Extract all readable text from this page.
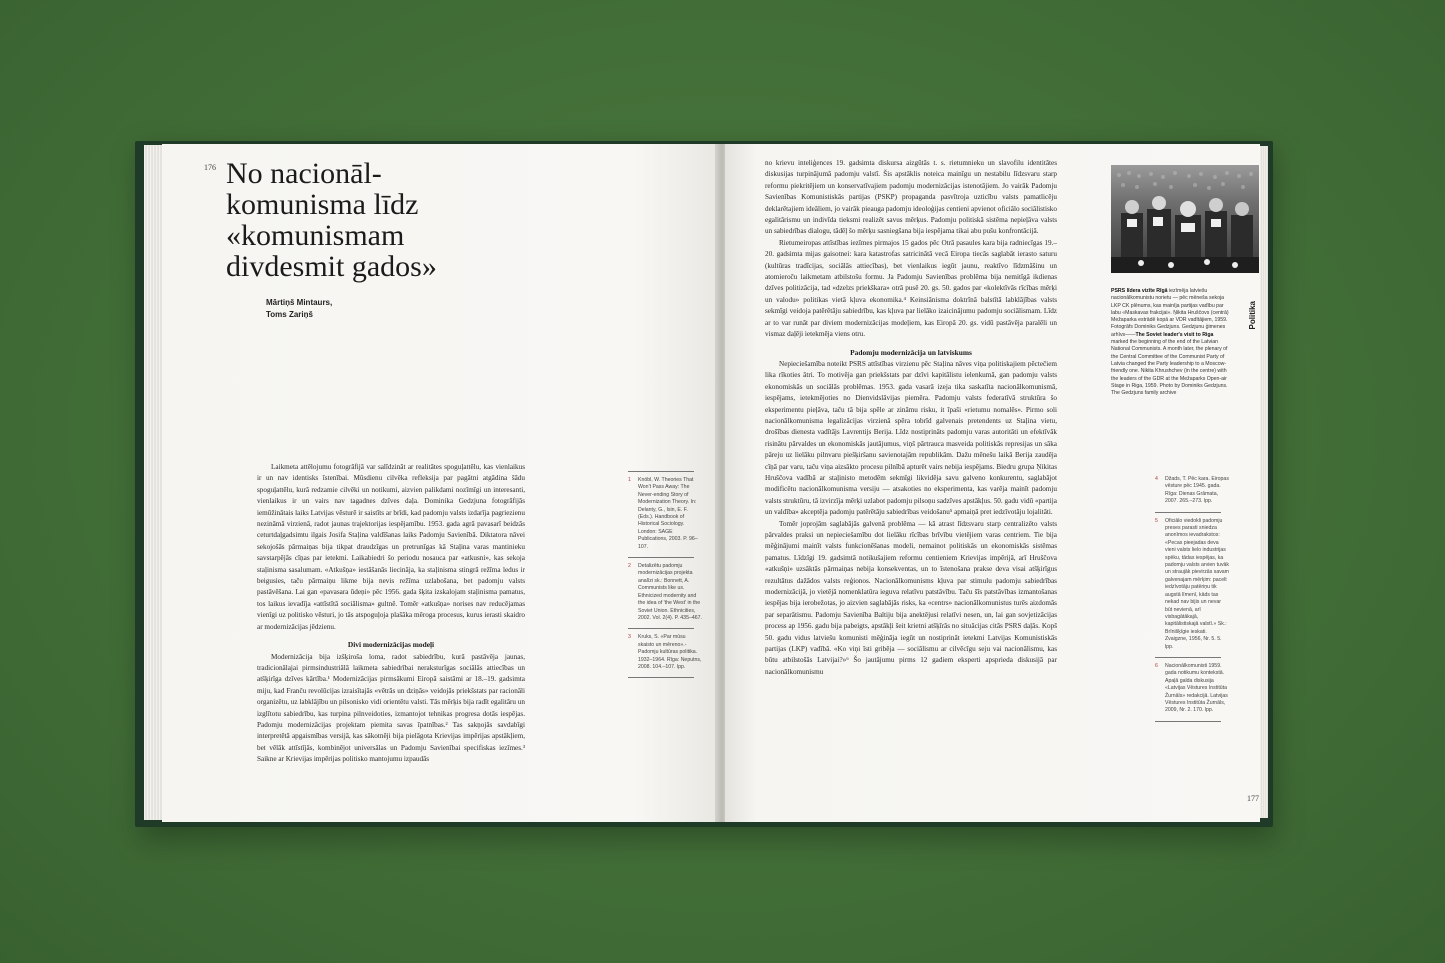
176 No nacionāl-
komunisma līdz
«komunismam
divdesmit gados»
Mārtiņš Mintaurs,
Toms Zariņš

Laikmeta attēlojumu fotogrāfijā var salīdzināt ar realitātes spoguļattēlu, kas vienlaikus ir un nav identisks īstenībai. Mūsdienu cilvēka refleksija par pagātni atgādina šādu spoguļattēlu, kurā redzamie cilvēki un notikumi, aizvien palikdami nozīmīgi un interesanti, vienlaikus ir un vairs nav tagadnes dzīves daļa. Dominika Gedzjuna fotogrāfijās iemūžinātais laiks Latvijas vēsturē ir saistīts ar brīdi, kad padomju valsts izdarīja pagriezienu nezināmā virzienā, radot jaunas trajektorijas iespējamību. 1953. gada agrā pavasarī beidzās ceturtdaļgadsimtu ilgais Josifa Staļina valdīšanas laiks Padomju Savienībā. Diktatora nāvei sekojošās pārmaiņas bija tikpat draudzīgas un pretrunīgas kā Staļina varas mantinieku savstarpējās cīņas par ietekmi. Laikabiedri šo periodu nosauca par «atkusni», kas sekoja staļinisma sasalumam. «Atkušņa» iestāšanās liecināja, ka staļinisma stingrā režīma ledus ir beigusies, taču pārmaiņu likme bija nevis režīma uzlabošana, bet padomju valsts pastāvēšana. Lai gan «pavasara ūdeņi» pēc 1956. gada šķita izskalojam staļinisma pamatus, tos laikus ievadīja «attīstītā sociālisma» gultnē. Tomēr «atkušņa» norises nav reducējamas vienīgi uz politisko vēsturi, jo tās atspoguļoja plašāka mēroga procesus, kurus ierasti skaidro ar modernizācijas jēdzienu.

Divi modernizācijas modeļi

Modernizācija bija izšķiroša loma, radot sabiedrību, kurā pastāvēja jaunas, tradicionālajai pirmsindustriālā laikmeta sabiedrībai neraksturīgas sociālās attiecības un atšķirīga dzīves kārtība.¹ Modernizācijas pirmsākumi Eiropā saistāmi ar 18.–19. gadsimta miju, kad Franču revolūcijas izraisītajās «vētrās un dziņās» veidojās priekšstats par racionāli organizētu, uz labklājību un pilsonisko vidi orientētu valsti. Tās mērķis bija radīt egalitāru un izglītotu sabiedrību, kas turpina pilnveidoties, izmantojot tehnikas progresa dotās iespējas. Padomju modernizācijas projektam piemita savas īpatnības.² Tas sakņojās savdabīgi interpretētā apgaismības versijā, kas sākotnēji bija pielāgota Krievijas impērijas apstākļiem, bet vēlāk attīstījās, kombinējot universālas un Padomju Savienībai specifiskas iezīmes.³ Saikne ar Krievijas impērijas politisko mantojumu izpaudās

1 Knöbl, W. Theories That Won't Pass Away: The Never-ending Story of Modernization Theory. In: Delanty, G., Isin, E. F. (Eds.). Handbook of Historical Sociology. London: SAGE Publications, 2003. P. 96–107.
2 Detalizētu padomju modernizācijas projekta analīzi sk.: Bonnett, A. Communists like us. Ethnicized modernity and the idea of 'the West' in the Soviet Union. Ethnicities, 2002. Vol. 2(4). P. 435–467.
3 Kruks, S. «Par mūsu skaisto un mēreno».- Padomju kultūras politika. 1932–1964. Rīga: Neputns, 2008. 104.–107. lpp.

no krievu inteliģences 19. gadsimta diskursa aizgūtās t. s. rietumnieku un slavofilu identitātes diskusijas turpinājumā padomju valstī. Šis apstāklis noteica mainīgu un nestabilu līdzsvaru starp reformu piekritējiem un konservatīvajiem padomju modernizācijas istenotājiem. Jo vairāk Padomju Savienības Komunistiskās partijas (PSKP) propaganda pasvītroja uzticību valsts pamatlicēju deklarētajiem ideāliem, jo vairāk pieauga padomju ideoloģijas centieni apvienot oficiālo sociālistisko egalitārismu un indivīda tieksmi realizēt savus mērķus. Padomju politiskā sistēma nepieļāva valsts un sabiedrības dialogu, tādēļ šo mērķu sasniegšana bija iespējama tikai abu pušu konfrontācijā.

Rietumeiropas attīstības iezīmes pirmajos 15 gados pēc Otrā pasaules kara bija radniecīgas 19.–20. gadsimta mijas gaisotnei: kara katastrofas satricinātā vecā Eiropa tiecās saglabāt ierasto saturu (kultūras tradīcijas, sociālās attiecības), bet vienlaikus iegūt jaunu, reaktīvo līdzmāšinu un atomieroču laikmetam atbilstošu formu. Ja Padomju Savienības problēma bija nemitīgā ikdienas dzīves politizācija, tad «dzelzs priekškara» otrā pusē 20. gs. 50. gados par «kolektīvās rīcības mērķi un valodu» politikas vietā kļuva ekonomika.⁴ Keinsiānisma doktrīnā balstītā labklājības valsts sekmīgi veidoja patērētāju sabiedrību, kas kļuva par lielāko izaicinājumu padomju sociālismam. Līdz ar to var runāt par diviem modernizācijas modeļiem, kas Eiropā 20. gs. vidū pastāvēja paralēli un vismaz daļēji ietekmēja viens otru.

Padomju modernizācija un latviskums

Nepieciešamība noteikt PSRS attīstības virzienu pēc Staļina nāves viņa politiskajiem pēctečiem lika rīkoties ātri. To motivēja gan priekšstats par dzīvi kapitālistu ielenkumā, gan padomju valsts ekonomiskās un sociālās problēmas. 1953. gada vasarā izeja tika saskatīta nacionālkomunismā, iespējams, ietekmējoties no Dienvidslāvijas piemēra. Padomju valsts federatīvā struktūra šo eksperimentu pieļāva, taču tā bija spēle ar zināmu risku, it īpaši «rietumu nomalēs». Pirmo soli nacionālkomunisma legalizācijas virzienā spēra tobrīd galvenais pretendents uz Staļina vietu, drošības dienesta vadītājs Lavrentijs Berija. Līdz nostiprināts padomju varas autoritāti un efektīvāk risinātu pārvaldes un ekonomiskās jautājumus, viņš pārtrauca masveida politiskās represijas un sāka pāreju uz lielāku pilnvaru piešķiršanu savienotajām republikām. Dažu mēnešu laikā Berija zaudēja cīņā par varu, taču viņa aizsākto procesu pilnībā apturēt vairs nebija iespējams. Biedru grupa Ņikitas Hruščova vadībā ar staļinisto metodēm sekmīgi likvidēja savu galveno konkurentu, saglabājot modificētu nacionālkomunisma versiju — atsakoties no eksperimenta, kas varēja mainīt padomju valsts struktūru, tā izvirzīja mērķi uzlabot padomju pilsoņu sadzīves apstākļus. 50. gadu vidū «partija un valdība» akceptēja padomju patērētāju sabiedrības veidošanu⁵ apmaiņā pret iedzīvotāju lojalitāti.

Tomēr joprojām saglabājās galvenā problēma — kā atrast līdzsvaru starp centralizēto valsts pārvaldes praksi un nepieciešamību dot lielāku rīcības brīvību vietējiem varas centriem. Tie bija mēģinājumi mainīt valsts funkcionēšanas modeli, nemainot politiskās un ekonomiskās sistēmas pamatus. Līdzīgi 19. gadsimtā notikušajiem reformu centieniem Krievijas impērijā, arī Hruščova «atkušņi» uzsāktās pārmaiņas nebija konsekventas, un to īstenošana prakse deva visai atšķirīgus rezultātus dažādos valsts reģionos. Nacionālkomunisms kļuva par stimulu padomju sabiedrības modernizācijā, jo vietējā nomenklatūra ieguva relatīvu patstāvību. Taču šīs patstāvības izmantošanas iespējas bija ierobežotas, jo aizvien saglabājās risks, ka «centrs» nacionālkomunistus turēs aizdomās par separātismu. Padomju Savienība Baltiju bija anektējusi relatīvi nesen, un, lai gan sovjetizācijas process ap 1956. gadu bija pabeigts, apstākļi šeit krietni atšķīrās no situācijas citās PSRS daļās. Kopš 50. gadu vidus latviešu komunisti mēģināja iegūt un nostiprināt ietekmi Latvijas Komunistiskās partijas (LKP) vadībā. «Ko viņi īsti gribēja — sociālismu ar cilvēcīgu seju vai nacionālismu, kas būtu atbilstošās Latvijai?»⁶ Šo jautājumu pirms 12 gadiem eksperti apsprieda diskusijā par nacionālkomunismu

PSRS līdera vizīte Rīgā iezīmēja latviešu nacionālkomunistu norietu — pēc mēneša sekoja LKP CK plēnums, kas mainīja partijas vadību par labu «Maskavas frakcijai». Ņikita Hruščovs (centrā) Mežaparka estrādē kopā ar VDR vadītājiem, 1959. Fotogrāfs Dominiks Gedzjuns. Gedzjunu ģimenes arhīvs——The Soviet leader's visit to Riga marked the beginning of the end of the Latvian National Communists. A month later, the plenary of the Central Committee of the Communist Party of Latvia changed the Party leadership to a Moscow-friendly one. Nikita Khrushchev (in the centre) with the leaders of the GDR at the Mežaparks Open-air Stage in Riga, 1959. Photo by Dominiks Gedzjuns. The Gedzjuns family archive
Politika
4 Džads, T. Pēc kara. Eiropas vēsture pēc 1945. gada. Rīga: Dienas Grāmata, 2007. 265.–273. lpp.
5 Oficiālo viedokli padomju preses parasti sniedza anonīmos ievadrakstos: «Pecas pieejadas deva vieni valsts lielo industrijas spēku, tādas iespējas, ka padomju valsts arvien tuvāk un straujāk pievirzās savam galvenajam mērķim: pacelt iedzīvotāju patēriņu tik augstā līmenī, kāds tas nekad nav bijis un nevar būt nevienā, arī visbagātākajā, kapitālistiskajā valstī.» Sk.: Brīnišķīgie ieskati. Zvaigzne, 1956, Nr. 5. 5. lpp.
6 Nacionālkomunisti 1959. gada notikumu kontekstā. Apaļā galda diskusija «Latvijas Vēstures Institūta Žurnāls» redakcijā. Latvijas Vēstures Institūta Žurnāls, 2009, Nr. 2. 170. lpp.
177
